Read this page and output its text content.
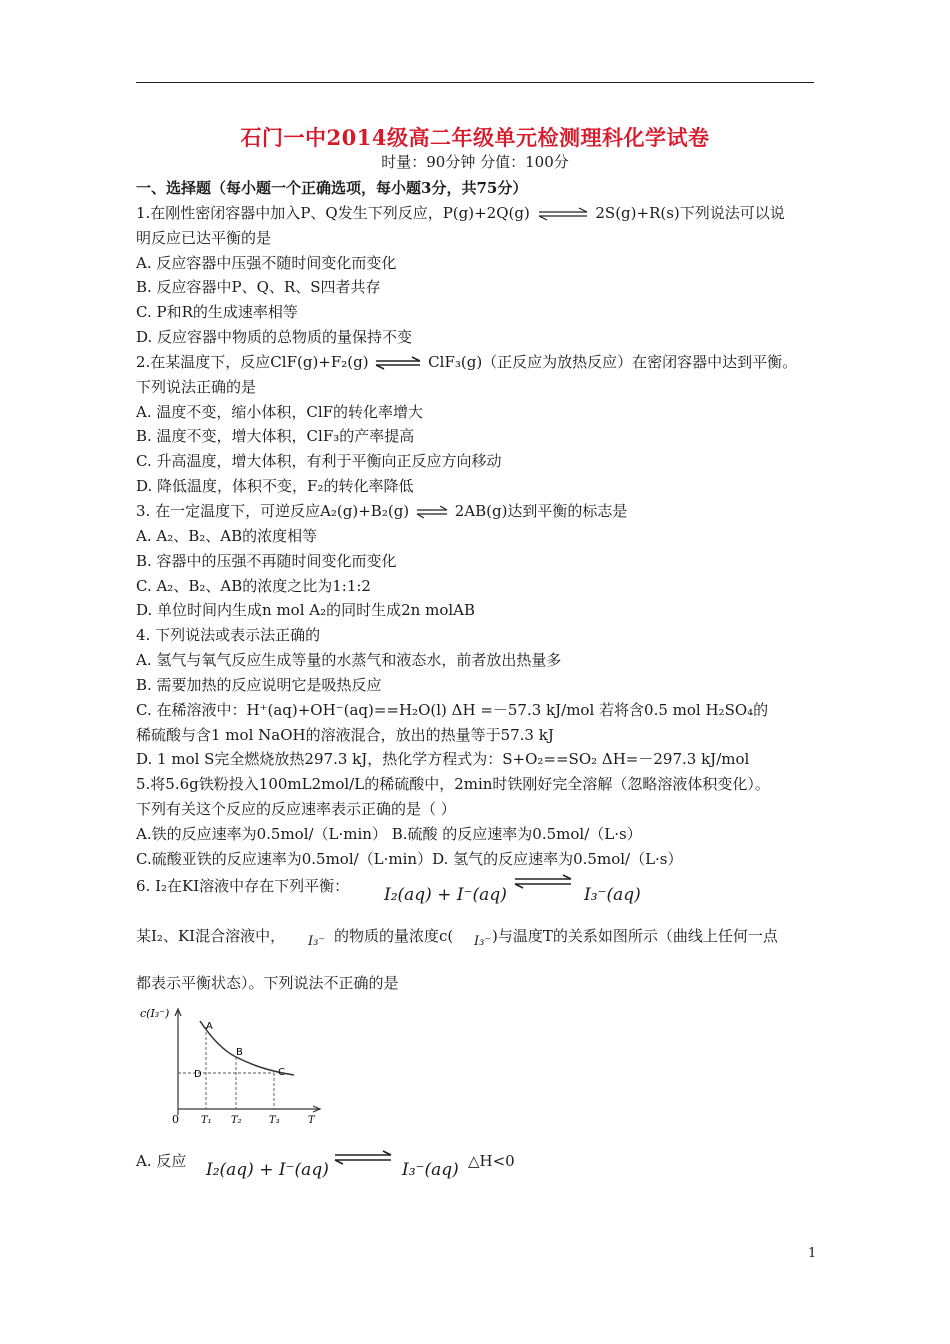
石门一中2014级高二年级单元检测理科化学试卷
时量：90分钟 分值：100分
一、选择题（每小题一个正确选项，每小题3分，共75分）
1.在刚性密闭容器中加入P、Q发生下列反应，P(g)+2Q(g) ⇌ 2S(g)+R(s)下列说法可以说
明反应已达平衡的是
A. 反应容器中压强不随时间变化而变化
B. 反应容器中P、Q、R、S四者共存
C. P和R的生成速率相等
D. 反应容器中物质的总物质的量保持不变
2.在某温度下，反应ClF(g)+F₂(g) ⇌ ClF₃(g)（正反应为放热反应）在密闭容器中达到平衡。
下列说法正确的是
A. 温度不变，缩小体积，ClF的转化率增大
B. 温度不变，增大体积，ClF₃的产率提高
C. 升高温度，增大体积，有利于平衡向正反应方向移动
D. 降低温度，体积不变，F₂的转化率降低
3. 在一定温度下，可逆反应A₂(g)+B₂(g) ⇌ 2AB(g)达到平衡的标志是
A. A₂、B₂、AB的浓度相等
B. 容器中的压强不再随时间变化而变化
C. A₂、B₂、AB的浓度之比为1:1:2
D. 单位时间内生成n mol A₂的同时生成2n molAB
4. 下列说法或表示法正确的
A. 氢气与氧气反应生成等量的水蒸气和液态水，前者放出热量多
B. 需要加热的反应说明它是吸热反应
C. 在稀溶液中：H⁺(aq)+OH⁻(aq)==H₂O(l) ΔH =－57.3 kJ/mol 若将含0.5 mol H₂SO₄的
稀硫酸与含1 mol NaOH的溶液混合，放出的热量等于57.3 kJ
D. 1 mol S完全燃烧放热297.3 kJ，热化学方程式为：S+O₂==SO₂ ΔH=－297.3 kJ/mol
5.将5.6g铁粉投入100mL2mol/L的稀硫酸中，2min时铁刚好完全溶解（忽略溶液体积变化）。
下列有关这个反应的反应速率表示正确的是（ ）
A.铁的反应速率为0.5mol/（L·min） B.硫酸 的反应速率为0.5mol/（L·s）
C.硫酸亚铁的反应速率为0.5mol/（L·min）D. 氢气的反应速率为0.5mol/（L·s）
6. I₂在KI溶液中存在下列平衡： I₂(aq) + I⁻(aq)	I₃⁻(aq)
某I₂、KI混合溶液中， I₃⁻ 的物质的量浓度c( I₃⁻ )与温度T的关系如图所示（曲线上任何一点
都表示平衡状态）。下列说法不正确的是
c(I₃⁻)
0 T₁ T₂	T₃	T
A
B
C
D
A. 反应 I₂(aq) + I⁻(aq)	I₃⁻(aq) △H<0
1
